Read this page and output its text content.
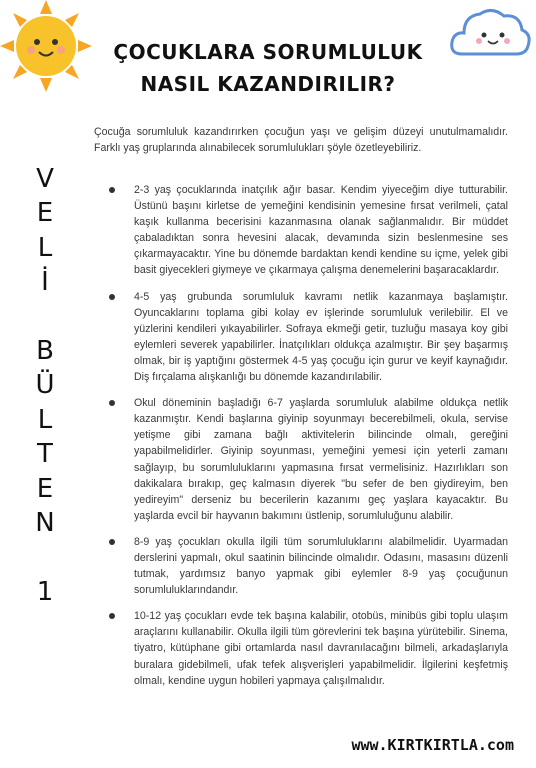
ÇOCUKLARA SORUMLULUK
NASIL KAZANDIRILIR?
V
E
L
İ
B
Ü
L
T
E
N
1

Çocuğa sorumluluk kazandırırken çocuğun yaşı ve gelişim düzeyi unutulmamalıdır. Farklı yaş gruplarında alınabilecek sorumlulukları şöyle özetleyebiliriz.

2-3 yaş çocuklarında inatçılık ağır basar. Kendim yiyeceğim diye tutturabilir. Üstünü başını kirletse de yemeğini kendisinin yemesine fırsat verilmeli, çatal kaşık kullanma becerisini kazanmasına olanak sağlanmalıdır. Bir müddet çabaladıktan sonra hevesini alacak, devamında sizin beslenmesine ses çıkarmayacaktır. Yine bu dönemde bardaktan kendi kendine su içme, yelek gibi basit giyecekleri giymeye ve çıkarmaya çalışma denemelerini başaracaklardır.
4-5 yaş grubunda sorumluluk kavramı netlik kazanmaya başlamıştır. Oyuncaklarını toplama gibi kolay ev işlerinde sorumluluk verilebilir. El ve yüzlerini kendileri yıkayabilirler. Sofraya ekmeği getir, tuzluğu masaya koy gibi eylemleri severek yapabilirler. İnatçılıkları oldukça azalmıştır. Bir şey başarmış olmak, bir iş yaptığını göstermek 4-5 yaş çocuğu için gurur ve keyif kaynağıdır. Diş fırçalama alışkanlığı bu dönemde kazandırılabilir.
Okul döneminin başladığı 6-7 yaşlarda sorumluluk alabilme oldukça netlik kazanmıştır. Kendi başlarına giyinip soyunmayı becerebilmeli, okula, servise yetişme gibi zamana bağlı aktivitelerin bilincinde olmalı, gereğini yapabilmelidirler. Giyinip soyunması, yemeğini yemesi için yeterli zamanı sağlayıp, bu sorumluluklarını yapmasına fırsat vermelisiniz. Hazırlıkları son dakikalara bırakıp, geç kalmasın diyerek "bu sefer de ben giydireyim, ben yedireyim" derseniz bu becerilerin kazanımı geç yaşlara kayacaktır. Bu yaşlarda evcil bir hayvanın bakımını üstlenip, sorumluluğunu alabilir.
8-9 yaş çocukları okulla ilgili tüm sorumluluklarını alabilmelidir. Uyarmadan derslerini yapmalı, okul saatinin bilincinde olmalıdır. Odasını, masasını düzenli tutmak, yardımsız banyo yapmak gibi eylemler 8-9 yaş çocuğunun sorumluluklarındandır.
10-12 yaş çocukları evde tek başına kalabilir, otobüs, minibüs gibi toplu ulaşım araçlarını kullanabilir. Okulla ilgili tüm görevlerini tek başına yürütebilir. Sinema, tiyatro, kütüphane gibi ortamlarda nasıl davranılacağını bilmeli, arkadaşlarıyla buralara gidebilmeli, ufak tefek alışverişleri yapabilmelidir. İlgilerini keşfetmiş olmalı, kendine uygun hobileri yapmaya çalışılmalıdır.
www.KIRTKIRTLA.com
